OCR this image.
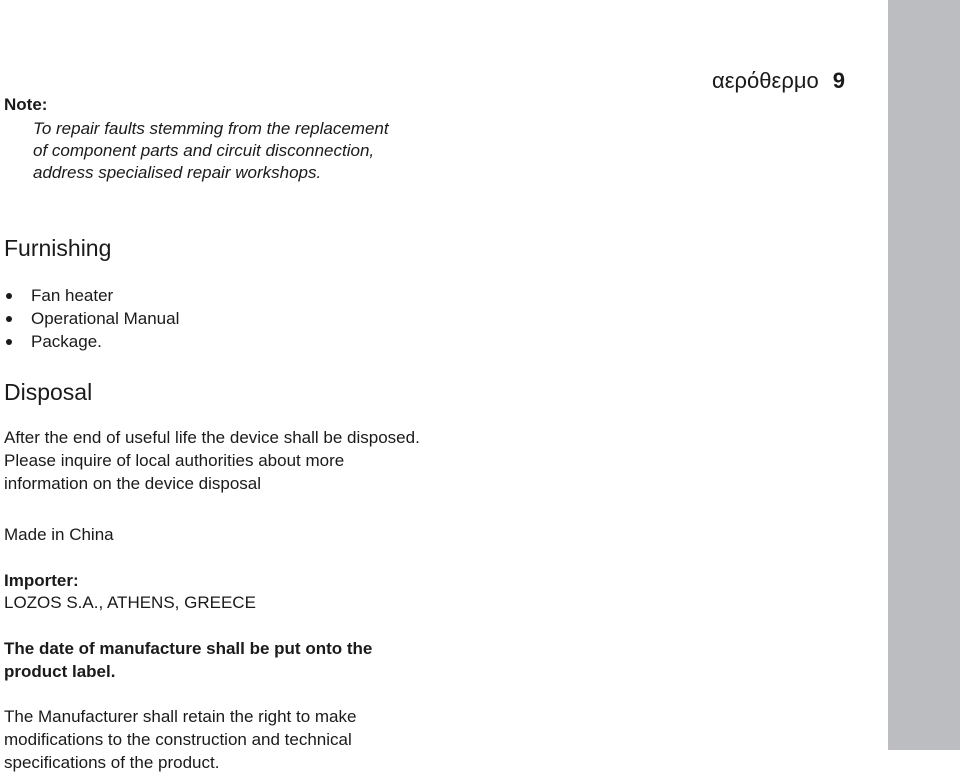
αερόθερμο 9

Note:

To repair faults stemming from the replacement of component parts and circuit disconnection, address specialised repair workshops.

Furnishing
Fan heater
Operational Manual
Package.
Disposal

After the end of useful life the device shall be disposed. Please inquire of local authorities about more information on the device disposal

Made in China

Importer:

LOZOS S.A., ATHENS, GREECE

The date of manufacture shall be put onto the product label.

The Manufacturer shall retain the right to make modifications to the construction and technical specifications of the product.
